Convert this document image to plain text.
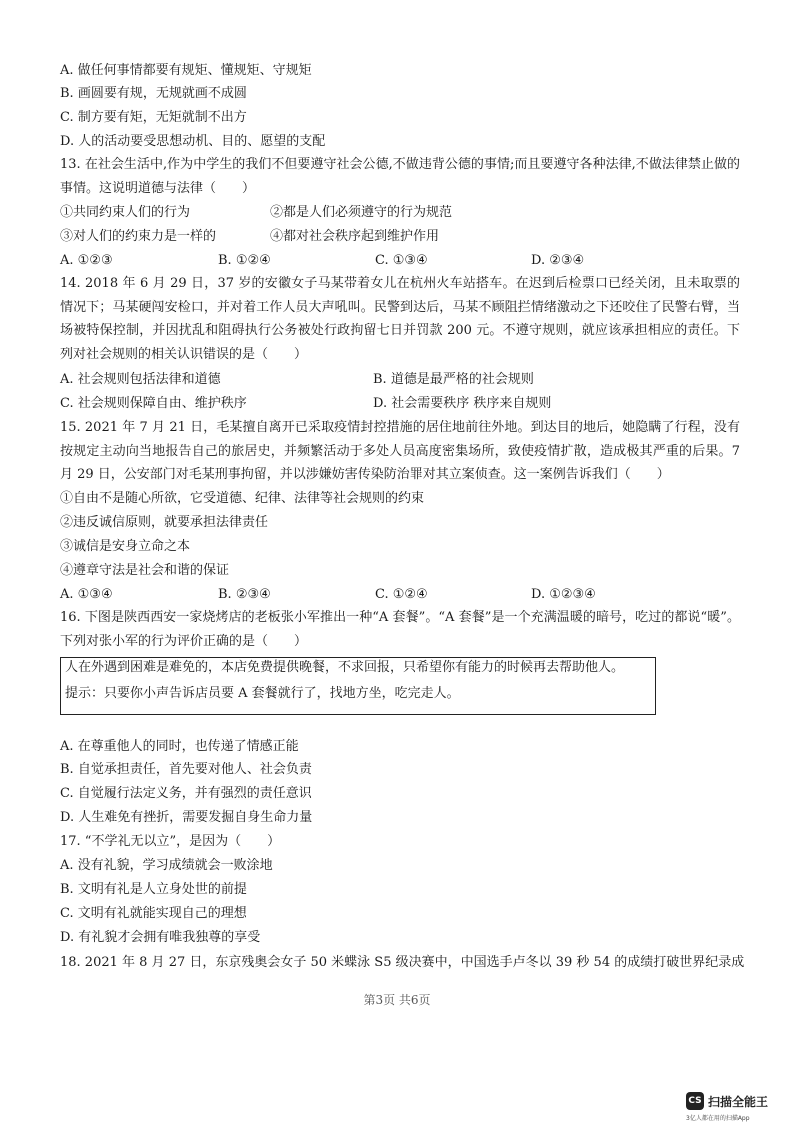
A. 做任何事情都要有规矩、懂规矩、守规矩
B. 画圆要有规，无规就画不成圆
C. 制方要有矩，无矩就制不出方
D. 人的活动要受思想动机、目的、愿望的支配
13. 在社会生活中,作为中学生的我们不但要遵守社会公德,不做违背公德的事情;而且要遵守各种法律,不做法律禁止做的事情。这说明道德与法律（　　）
①共同约束人们的行为	②都是人们必须遵守的行为规范
③对人们的约束力是一样的	④都对社会秩序起到维护作用
A. ①②③	B. ①②④	C. ①③④	D. ②③④
14. 2018 年 6 月 29 日，37 岁的安徽女子马某带着女儿在杭州火车站搭车。在迟到后检票口已经关闭，且未取票的情况下；马某硬闯安检口，并对着工作人员大声吼叫。民警到达后，马某不顾阻拦情绪激动之下还咬住了民警右臂，当场被特保控制，并因扰乱和阻碍执行公务被处行政拘留七日并罚款 200 元。不遵守规则，就应该承担相应的责任。下列对社会规则的相关认识错误的是（　　）
A. 社会规则包括法律和道德	B. 道德是最严格的社会规则
C. 社会规则保障自由、维护秩序	D. 社会需要秩序 秩序来自规则
15. 2021 年 7 月 21 日，毛某擅自离开已采取疫情封控措施的居住地前往外地。到达目的地后，她隐瞒了行程，没有按规定主动向当地报告自己的旅居史，并频繁活动于多处人员高度密集场所，致使疫情扩散，造成极其严重的后果。7 月 29 日，公安部门对毛某刑事拘留，并以涉嫌妨害传染防治罪对其立案侦查。这一案例告诉我们（　　）
①自由不是随心所欲，它受道德、纪律、法律等社会规则的约束
②违反诚信原则，就要承担法律责任
③诚信是安身立命之本
④遵章守法是社会和谐的保证
A. ①③④	B. ②③④	C. ①②④	D. ①②③④
16. 下图是陕西西安一家烧烤店的老板张小军推出一种“A 套餐”。“A 套餐”是一个充满温暖的暗号，吃过的都说“暖”。下列对张小军的行为评价正确的是（　　）
人在外遇到困难是难免的，本店免费提供晚餐，不求回报，只希望你有能力的时候再去帮助他人。
提示：只要你小声告诉店员要 A 套餐就行了，找地方坐，吃完走人。
A. 在尊重他人的同时，也传递了情感正能
B. 自觉承担责任，首先要对他人、社会负责
C. 自觉履行法定义务，并有强烈的责任意识
D. 人生难免有挫折，需要发掘自身生命力量
17. “不学礼无以立”，是因为（　　）
A. 没有礼貌，学习成绩就会一败涂地
B. 文明有礼是人立身处世的前提
C. 文明有礼就能实现自己的理想
D. 有礼貌才会拥有唯我独尊的享受
18. 2021 年 8 月 27 日，东京残奥会女子 50 米蝶泳 S5 级决赛中，中国选手卢冬以 39 秒 54 的成绩打破世界纪录成
第3页 共6页
CS 扫描全能王
3亿人都在用的扫描App
